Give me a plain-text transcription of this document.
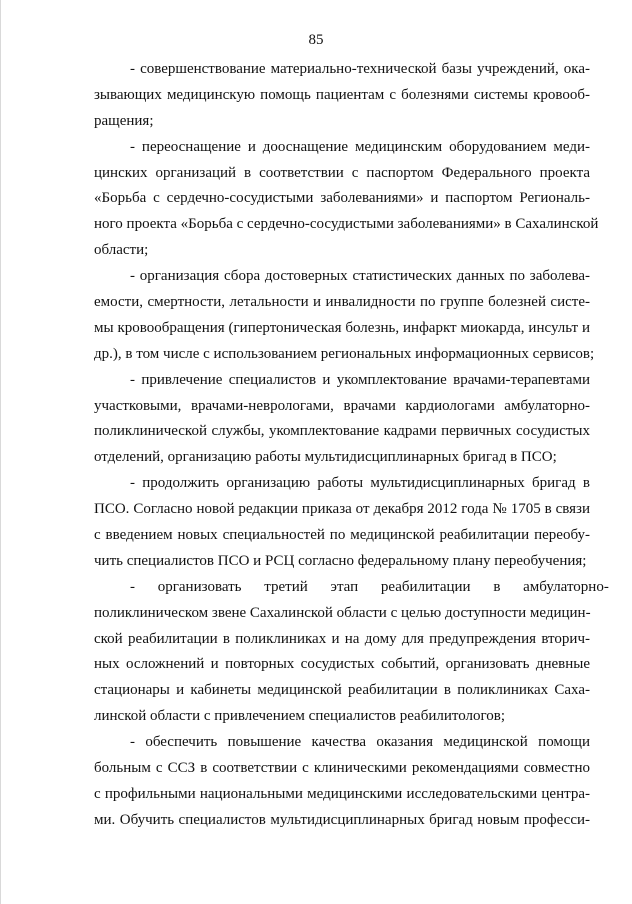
85
- совершенствование материально-технической базы учреждений, ока-
зывающих медицинскую помощь пациентам с болезнями системы кровооб-
ращения;
- переоснащение и дооснащение медицинским оборудованием меди-
цинских организаций в соответствии с паспортом Федерального проекта
«Борьба с сердечно-сосудистыми заболеваниями» и паспортом Региональ-
ного проекта «Борьба с сердечно-сосудистыми заболеваниями» в Сахалинской
области;
- организация сбора достоверных статистических данных по заболева-
емости, смертности, летальности и инвалидности по группе болезней систе-
мы кровообращения (гипертоническая болезнь, инфаркт миокарда, инсульт и
др.), в том числе с использованием региональных информационных сервисов;
- привлечение специалистов и укомплектование врачами-терапевтами
участковыми, врачами-неврологами, врачами кардиологами амбулаторно-
поликлинической службы, укомплектование кадрами первичных сосудистых
отделений, организацию работы мультидисциплинарных бригад в ПСО;
- продолжить организацию работы мультидисциплинарных бригад в
ПСО. Согласно новой редакции приказа от декабря 2012 года № 1705 в связи
с введением новых специальностей по медицинской реабилитации переобу-
чить специалистов ПСО и РСЦ согласно федеральному плану переобучения;
- организовать третий этап реабилитации в амбулаторно-
поликлиническом звене Сахалинской области с целью доступности медицин-
ской реабилитации в поликлиниках и на дому для предупреждения вторич-
ных осложнений и повторных сосудистых событий, организовать дневные
стационары и кабинеты медицинской реабилитации в поликлиниках Саха-
линской области с привлечением специалистов реабилитологов;
- обеспечить повышение качества оказания медицинской помощи
больным с ССЗ в соответствии с клиническими рекомендациями совместно
с профильными национальными медицинскими исследовательскими центра-
ми. Обучить специалистов мультидисциплинарных бригад новым професси-
